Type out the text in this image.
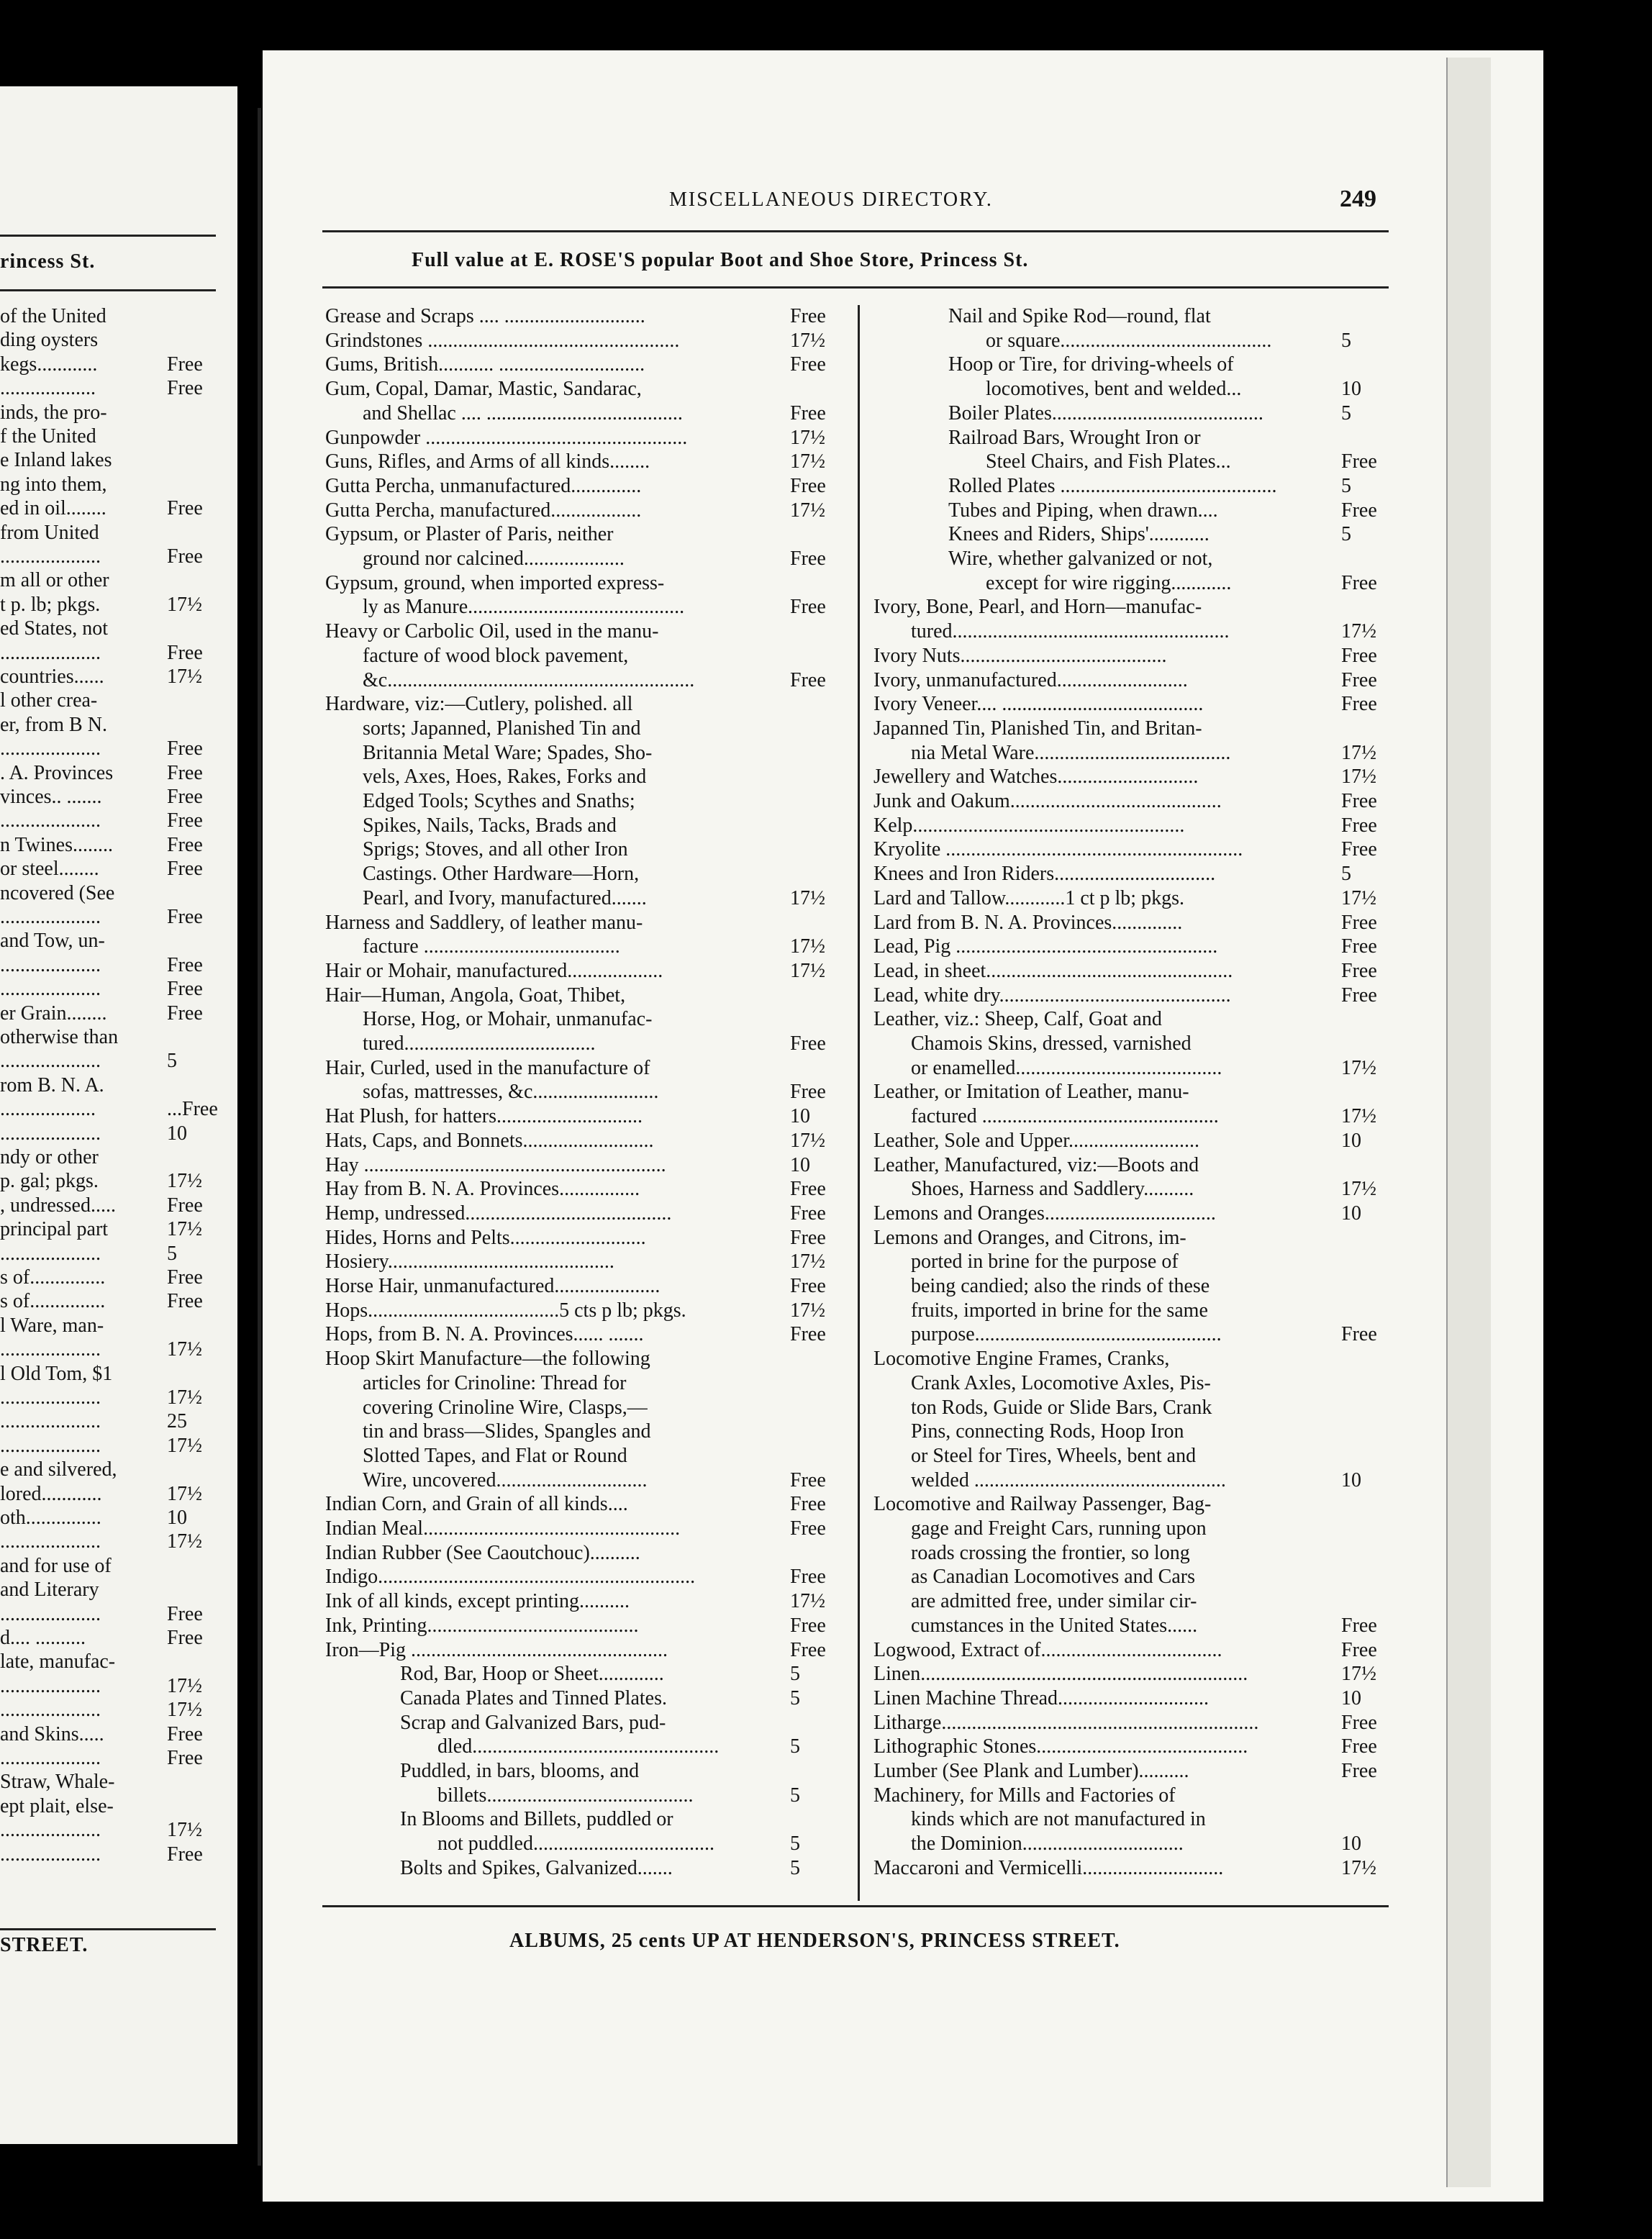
rincess St.
of the United
ding oysters
kegs............	Free
...................	Free
inds, the pro-
f the United
e Inland lakes
ng into them,
ed in oil........	Free
from United
....................	Free
m all or other
t p. lb; pkgs.	17½
ed States, not
....................	Free
countries......	17½
l other crea-
er, from B N.
....................	Free
. A. Provinces	Free
vinces.. .......	Free
....................	Free
n Twines........	Free
or steel........	Free
ncovered (See
....................	Free
and Tow, un-
....................	Free
....................	Free
er Grain........	Free
otherwise than
....................	5
rom B. N. A.
...................	...Free
....................	10
ndy or other
p. gal; pkgs.	17½
, undressed.....	Free
principal part	17½
....................	5
s of...............	Free
s of...............	Free
l Ware, man-
....................	17½
l Old Tom, $1
....................	17½
....................	25
....................	17½
e and silvered,
lored............	17½
oth...............	10
....................	17½
and for use of
and Literary
....................	Free
d.... ..........	Free
late, manufac-
....................	17½
....................	17½
and Skins.....	Free
....................	Free
Straw, Whale-
ept plait, else-
....................	17½
....................	Free
STREET.
MISCELLANEOUS DIRECTORY.	249
Full value at E. ROSE'S popular Boot and Shoe Store, Princess St.
Grease and Scraps .... ............................	Free
Grindstones ..................................................	17½
Gums, British........... .............................	Free
Gum, Copal, Damar, Mastic, Sandarac,
and Shellac .... .......................................	Free
Gunpowder ....................................................	17½
Guns, Rifles, and Arms of all kinds........	17½
Gutta Percha, unmanufactured..............	Free
Gutta Percha, manufactured..................	17½
Gypsum, or Plaster of Paris, neither
ground nor calcined....................	Free
Gypsum, ground, when imported express-
ly as Manure...........................................	Free
Heavy or Carbolic Oil, used in the manu-
facture of wood block pavement,
&c.............................................................	Free
Hardware, viz:—Cutlery, polished. all
sorts; Japanned, Planished Tin and
Britannia Metal Ware; Spades, Sho-
vels, Axes, Hoes, Rakes, Forks and
Edged Tools; Scythes and Snaths;
Spikes, Nails, Tacks, Brads and
Sprigs; Stoves, and all other Iron
Castings. Other Hardware—Horn,
Pearl, and Ivory, manufactured.......	17½
Harness and Saddlery, of leather manu-
facture .......................................	17½
Hair or Mohair, manufactured...................	17½
Hair—Human, Angola, Goat, Thibet,
Horse, Hog, or Mohair, unmanufac-
tured......................................	Free
Hair, Curled, used in the manufacture of
sofas, mattresses, &c.........................	Free
Hat Plush, for hatters.............................	10
Hats, Caps, and Bonnets..........................	17½
Hay ............................................................	10
Hay from B. N. A. Provinces................	Free
Hemp, undressed.........................................	Free
Hides, Horns and Pelts...........................	Free
Hosiery.............................................	17½
Horse Hair, unmanufactured.....................	Free
Hops......................................5 cts p lb; pkgs.	17½
Hops, from B. N. A. Provinces...... .......	Free
Hoop Skirt Manufacture—the following
articles for Crinoline: Thread for
covering Crinoline Wire, Clasps,—
tin and brass—Slides, Spangles and
Slotted Tapes, and Flat or Round
Wire, uncovered..............................	Free
Indian Corn, and Grain of all kinds....	Free
Indian Meal...................................................	Free
Indian Rubber (See Caoutchouc)..........
Indigo...............................................................	Free
Ink of all kinds, except printing..........	17½
Ink, Printing..........................................	Free
Iron—Pig ...................................................	Free
Rod, Bar, Hoop or Sheet.............	5
Canada Plates and Tinned Plates.	5
Scrap and Galvanized Bars, pud-
dled.................................................	5
Puddled, in bars, blooms, and
billets.........................................	5
In Blooms and Billets, puddled or
not puddled....................................	5
Bolts and Spikes, Galvanized.......	5
Nail and Spike Rod—round, flat
or square..........................................	5
Hoop or Tire, for driving-wheels of
locomotives, bent and welded...	10
Boiler Plates..........................................	5
Railroad Bars, Wrought Iron or
Steel Chairs, and Fish Plates...	Free
Rolled Plates ...........................................	5
Tubes and Piping, when drawn....	Free
Knees and Riders, Ships'............	5
Wire, whether galvanized or not,
except for wire rigging............	Free
Ivory, Bone, Pearl, and Horn—manufac-
tured.......................................................	17½
Ivory Nuts.........................................	Free
Ivory, unmanufactured..........................	Free
Ivory Veneer.... ........................................	Free
Japanned Tin, Planished Tin, and Britan-
nia Metal Ware.......................................	17½
Jewellery and Watches............................	17½
Junk and Oakum..........................................	Free
Kelp......................................................	Free
Kryolite ...........................................................	Free
Knees and Iron Riders................................	5
Lard and Tallow............1 ct p lb; pkgs.	17½
Lard from B. N. A. Provinces..............	Free
Lead, Pig ....................................................	Free
Lead, in sheet.................................................	Free
Lead, white dry..............................................	Free
Leather, viz.: Sheep, Calf, Goat and
Chamois Skins, dressed, varnished
or enamelled.........................................	17½
Leather, or Imitation of Leather, manu-
factured ...............................................	17½
Leather, Sole and Upper..........................	10
Leather, Manufactured, viz:—Boots and
Shoes, Harness and Saddlery..........	17½
Lemons and Oranges..................................	10
Lemons and Oranges, and Citrons, im-
ported in brine for the purpose of
being candied; also the rinds of these
fruits, imported in brine for the same
purpose.................................................	Free
Locomotive Engine Frames, Cranks,
Crank Axles, Locomotive Axles, Pis-
ton Rods, Guide or Slide Bars, Crank
Pins, connecting Rods, Hoop Iron
or Steel for Tires, Wheels, bent and
welded ..................................................	10
Locomotive and Railway Passenger, Bag-
gage and Freight Cars, running upon
roads crossing the frontier, so long
as Canadian Locomotives and Cars
are admitted free, under similar cir-
cumstances in the United States......	Free
Logwood, Extract of....................................	Free
Linen.................................................................	17½
Linen Machine Thread..............................	10
Litharge...............................................................	Free
Lithographic Stones..........................................	Free
Lumber (See Plank and Lumber)..........	Free
Machinery, for Mills and Factories of
kinds which are not manufactured in
the Dominion................................	10
Maccaroni and Vermicelli............................	17½
ALBUMS, 25 cents UP AT HENDERSON'S, PRINCESS STREET.
